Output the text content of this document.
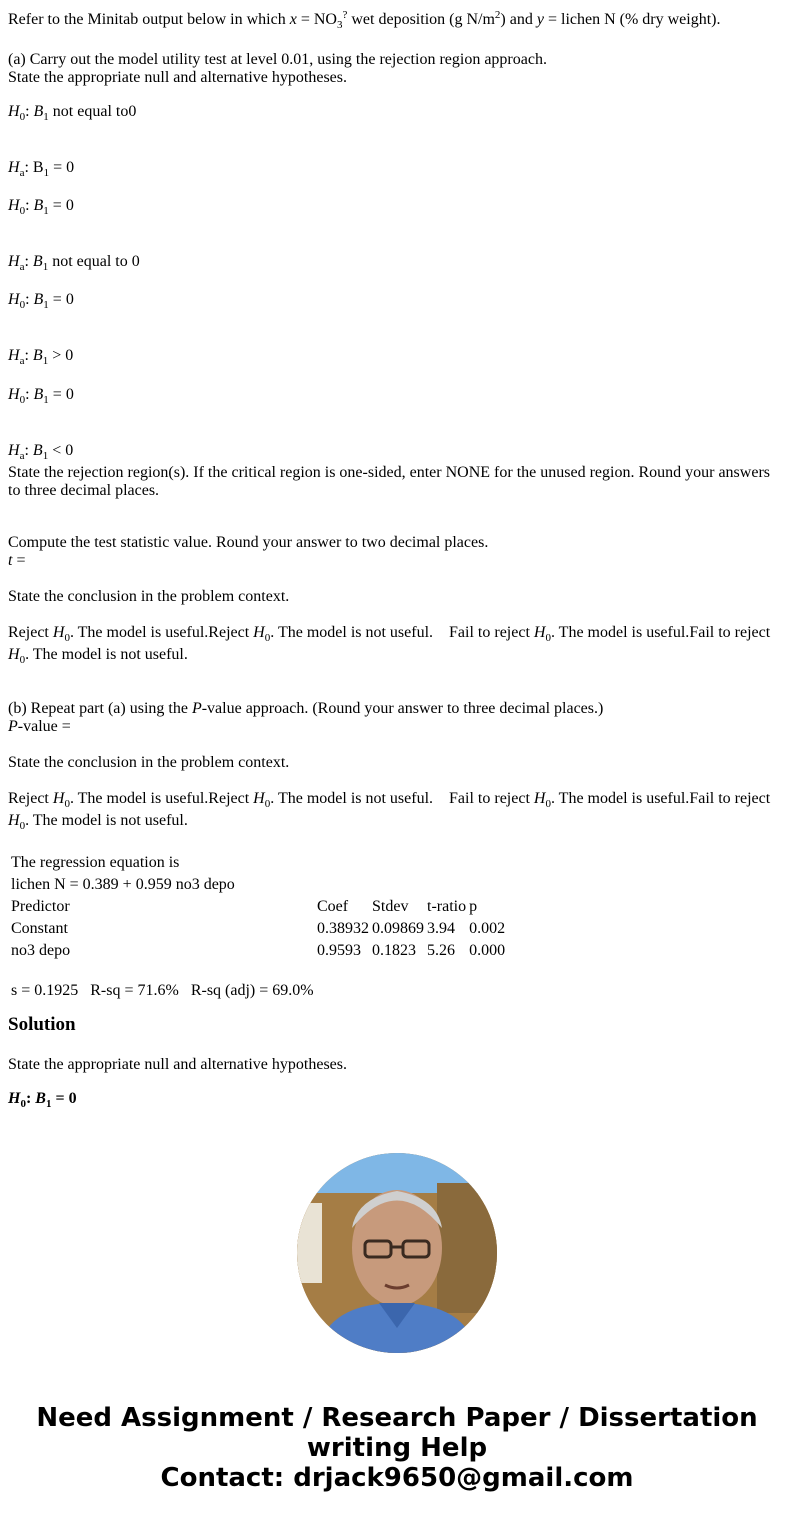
Refer to the Minitab output below in which $x = NO_3^?$ wet deposition (g $N/m^2$) and y = lichen N (% dry weight).

(a) Carry out the model utility test at level 0.01, using the rejection region approach.

State the appropriate null and alternative hypotheses.

$H_0$: $B_1$ not equal to0

$H_a$: $B_1 = 0$

$H_0$: $B_1 = 0$

$H_a$: $B_1$ not equal to 0

$H_0$: $B_1 = 0$

$H_a$: $B_1 > 0$

$H_0$: $B_1 = 0$

$H_a$: $B_1 < 0$

State the rejection region(s). If the critical region is one-sided, enter NONE for the unused region. Round your answers to three decimal places.

Compute the test statistic value. Round your answer to two decimal places.

t =

State the conclusion in the problem context.

Reject $H_0$. The model is useful.Reject $H_0$. The model is not useful. Fail to reject $H_0$. The model is useful.Fail to reject $H_0$. The model is not useful.

(b) Repeat part (a) using the P-value approach. (Round your answer to three decimal places.)

P-value =

State the conclusion in the problem context.

Reject $H_0$. The model is useful.Reject $H_0$. The model is not useful. Fail to reject $H_0$. The model is useful.Fail to reject $H_0$. The model is not useful.

The regression equation is				
lichen N = 0.389 + 0.959 no3 depo				
Predictor	Coef	Stdev	t-ratio	p
Constant	0.38932	0.09869	3.94	0.002
no3 depo	0.9593	0.1823	5.26	0.000

s = 0.1925   R-sq = 71.6%   R-sq (adj) = 69.0%				
Solution

State the appropriate null and alternative hypotheses.

$H_0$: $B_1 = 0$

Need Assignment / Research Paper / Dissertation
writing Help
Contact: drjack9650@gmail.com
